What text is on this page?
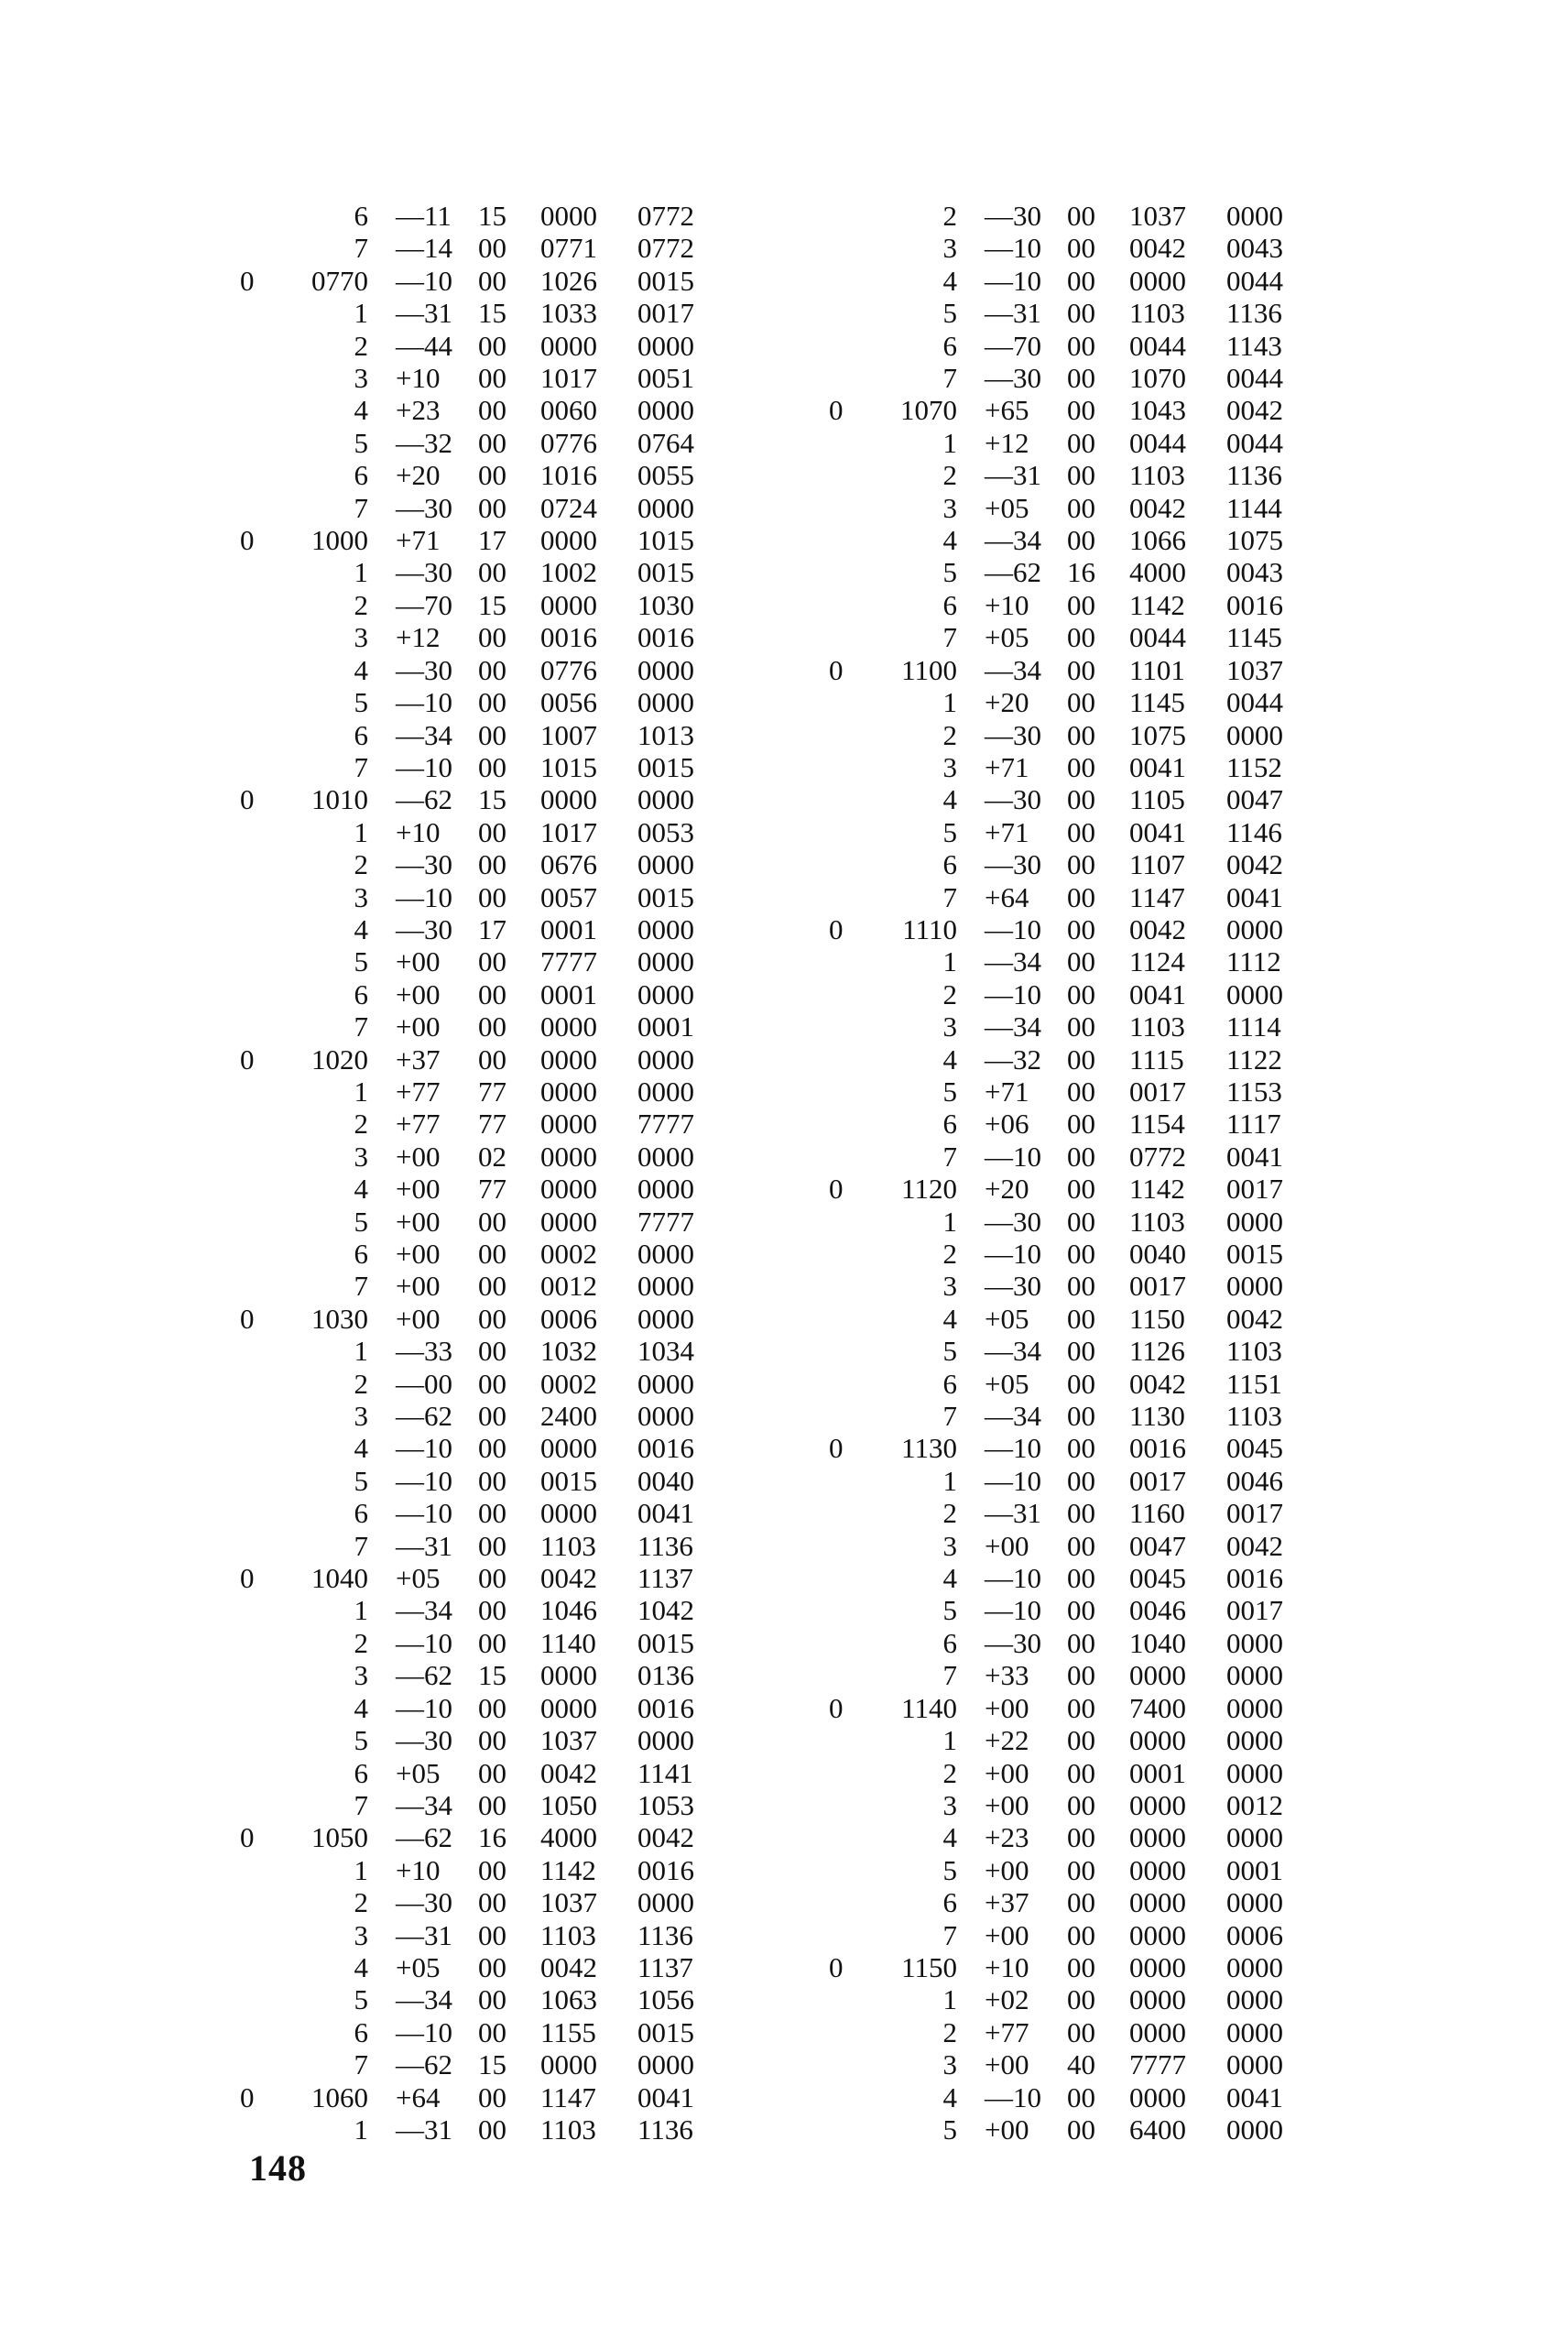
	6	—11	15	0000	0772
	7	—14	00	0771	0772
0	0770	—10	00	1026	0015
	1	—31	15	1033	0017
	2	—44	00	0000	0000
	3	+10	00	1017	0051
	4	+23	00	0060	0000
	5	—32	00	0776	0764
	6	+20	00	1016	0055
	7	—30	00	0724	0000
0	1000	+71	17	0000	1015
	1	—30	00	1002	0015
	2	—70	15	0000	1030
	3	+12	00	0016	0016
	4	—30	00	0776	0000
	5	—10	00	0056	0000
	6	—34	00	1007	1013
	7	—10	00	1015	0015
0	1010	—62	15	0000	0000
	1	+10	00	1017	0053
	2	—30	00	0676	0000
	3	—10	00	0057	0015
	4	—30	17	0001	0000
	5	+00	00	7777	0000
	6	+00	00	0001	0000
	7	+00	00	0000	0001
0	1020	+37	00	0000	0000
	1	+77	77	0000	0000
	2	+77	77	0000	7777
	3	+00	02	0000	0000
	4	+00	77	0000	0000
	5	+00	00	0000	7777
	6	+00	00	0002	0000
	7	+00	00	0012	0000
0	1030	+00	00	0006	0000
	1	—33	00	1032	1034
	2	—00	00	0002	0000
	3	—62	00	2400	0000
	4	—10	00	0000	0016
	5	—10	00	0015	0040
	6	—10	00	0000	0041
	7	—31	00	1103	1136
0	1040	+05	00	0042	1137
	1	—34	00	1046	1042
	2	—10	00	1140	0015
	3	—62	15	0000	0136
	4	—10	00	0000	0016
	5	—30	00	1037	0000
	6	+05	00	0042	1141
	7	—34	00	1050	1053
0	1050	—62	16	4000	0042
	1	+10	00	1142	0016
	2	—30	00	1037	0000
	3	—31	00	1103	1136
	4	+05	00	0042	1137
	5	—34	00	1063	1056
	6	—10	00	1155	0015
	7	—62	15	0000	0000
0	1060	+64	00	1147	0041
	1	—31	00	1103	1136
	2	—30	00	1037	0000
	3	—10	00	0042	0043
	4	—10	00	0000	0044
	5	—31	00	1103	1136
	6	—70	00	0044	1143
	7	—30	00	1070	0044
0	1070	+65	00	1043	0042
	1	+12	00	0044	0044
	2	—31	00	1103	1136
	3	+05	00	0042	1144
	4	—34	00	1066	1075
	5	—62	16	4000	0043
	6	+10	00	1142	0016
	7	+05	00	0044	1145
0	1100	—34	00	1101	1037
	1	+20	00	1145	0044
	2	—30	00	1075	0000
	3	+71	00	0041	1152
	4	—30	00	1105	0047
	5	+71	00	0041	1146
	6	—30	00	1107	0042
	7	+64	00	1147	0041
0	1110	—10	00	0042	0000
	1	—34	00	1124	1112
	2	—10	00	0041	0000
	3	—34	00	1103	1114
	4	—32	00	1115	1122
	5	+71	00	0017	1153
	6	+06	00	1154	1117
	7	—10	00	0772	0041
0	1120	+20	00	1142	0017
	1	—30	00	1103	0000
	2	—10	00	0040	0015
	3	—30	00	0017	0000
	4	+05	00	1150	0042
	5	—34	00	1126	1103
	6	+05	00	0042	1151
	7	—34	00	1130	1103
0	1130	—10	00	0016	0045
	1	—10	00	0017	0046
	2	—31	00	1160	0017
	3	+00	00	0047	0042
	4	—10	00	0045	0016
	5	—10	00	0046	0017
	6	—30	00	1040	0000
	7	+33	00	0000	0000
0	1140	+00	00	7400	0000
	1	+22	00	0000	0000
	2	+00	00	0001	0000
	3	+00	00	0000	0012
	4	+23	00	0000	0000
	5	+00	00	0000	0001
	6	+37	00	0000	0000
	7	+00	00	0000	0006
0	1150	+10	00	0000	0000
	1	+02	00	0000	0000
	2	+77	00	0000	0000
	3	+00	40	7777	0000
	4	—10	00	0000	0041
	5	+00	00	6400	0000
148
